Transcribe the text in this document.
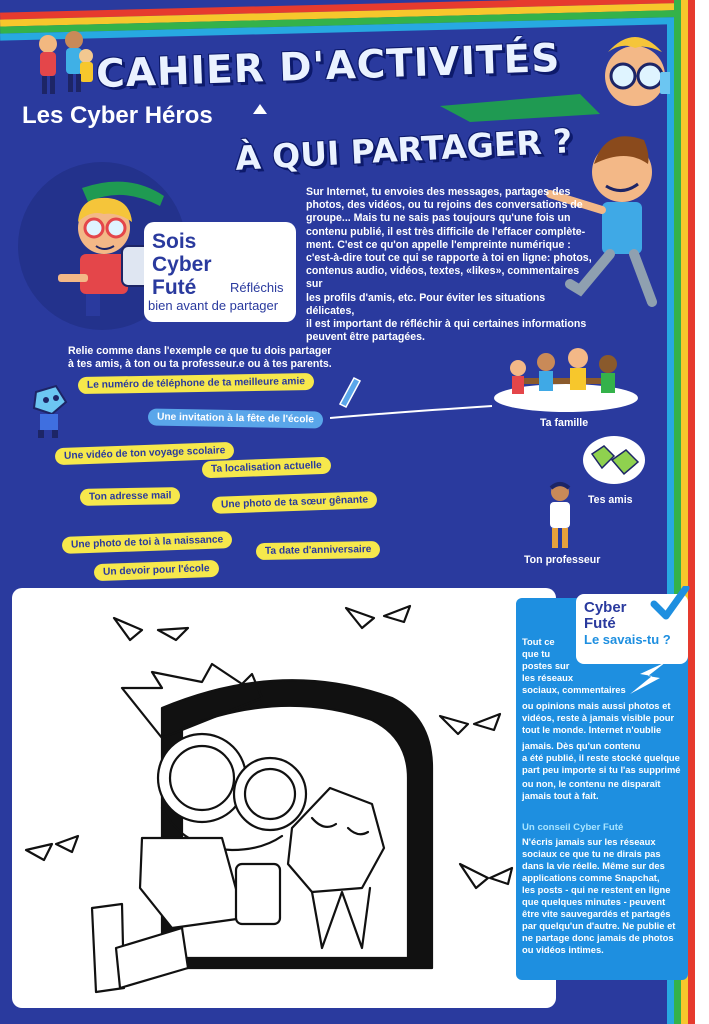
CAHIER D'ACTIVITÉS
Les Cyber Héros
À QUI PARTAGER ?
Sois
Cyber
Futé	Réfléchis
bien avant de partager
Sur Internet, tu envoies des messages, partages des
photos, des vidéos, ou tu rejoins des conversations de
groupe... Mais tu ne sais pas toujours qu'une fois un
contenu publié, il est très difficile de l'effacer complète-
ment. C'est ce qu'on appelle l'empreinte numérique :
c'est-à-dire tout ce qui se rapporte à toi en ligne: photos,
contenus audio, vidéos, textes, «likes», commentaires sur
les profils d'amis, etc. Pour éviter les situations délicates,
il est important de réfléchir à qui certaines informations
peuvent être partagées.
Relie comme dans l'exemple ce que tu dois partager
à tes amis, à ton ou ta professeur.e ou à tes parents.
Le numéro de téléphone de ta meilleure amie
Une invitation à la fête de l'école
Une vidéo de ton voyage scolaire
Ta localisation actuelle
Ton adresse mail	Une photo de ta sœur gênante
Une photo de toi à la naissance	Ta date d'anniversaire
Un devoir pour l'école
Ta famille
Tes amis
Ton professeur
Cyber
Futé
Le savais-tu ?
Tout ce
que tu
postes sur
les réseaux
sociaux, commentaires
ou opinions mais aussi photos et
vidéos, reste à jamais visible pour
tout le monde. Internet n'oublie
jamais. Dès qu'un contenu
a été publié, il reste stocké quelque
part peu importe si tu l'as supprimé
ou non, le contenu ne disparaît
jamais tout à fait.
Un conseil Cyber Futé
N'écris jamais sur les réseaux
sociaux ce que tu ne dirais pas
dans la vie réelle. Même sur des
applications comme Snapchat,
les posts - qui ne restent en ligne
que quelques minutes - peuvent
être vite sauvegardés et partagés
par quelqu'un d'autre. Ne publie et
ne partage donc jamais de photos
ou vidéos intimes.
